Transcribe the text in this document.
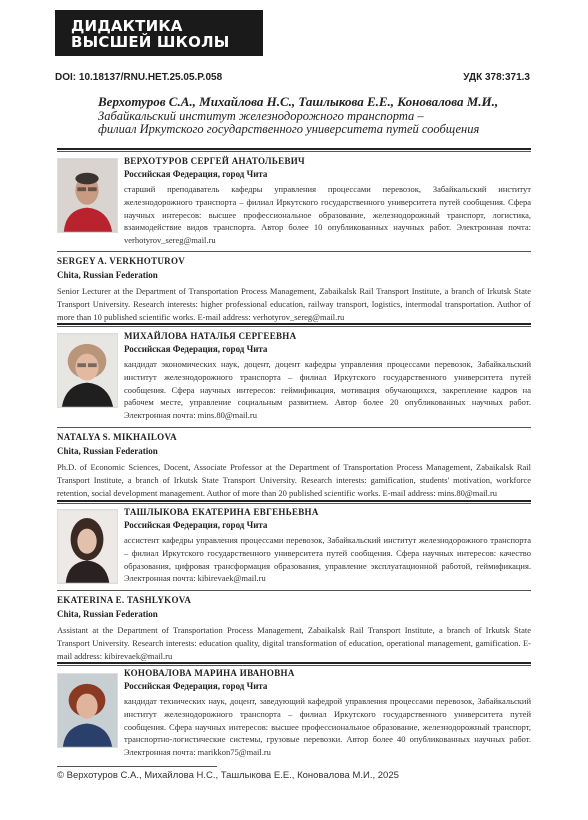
ДИДАКТИКА
ВЫСШЕЙ ШКОЛЫ
DOI: 10.18137/RNU.HET.25.05.P.058	УДК 378:371.3
Верхотуров С.А., Михайлова Н.С., Ташлыкова Е.Е., Коновалова М.И.,
Забайкальский институт железнодорожного транспорта –
филиал Иркутского государственного университета путей сообщения
ВЕРХОТУРОВ СЕРГЕЙ АНАТОЛЬЕВИЧ
Российская Федерация, город Чита
старший преподаватель кафедры управления процессами перевозок, Забайкальский институт железнодорожного транспорта – филиал Иркутского государственного университета путей сообщения. Сфера научных интересов: высшее профессиональное образование, железнодорожный транспорт, логистика, взаимодействие видов транспорта. Автор более 10 опубликованных научных работ. Электронная почта: verhotyrov_sereg@mail.ru
SERGEY A. VERKHOTUROV
Chita, Russian Federation
Senior Lecturer at the Department of Transportation Process Management, Zabaikalsk Rail Transport Institute, a branch of Irkutsk State Transport University. Research interests: higher professional education, railway transport, logistics, intermodal transportation. Author of more than 10 published scientific works. E-mail address: verhotyrov_sereg@mail.ru
МИХАЙЛОВА НАТАЛЬЯ СЕРГЕЕВНА
Российская Федерация, город Чита
кандидат экономических наук, доцент, доцент кафедры управления процессами перевозок, Забайкальский институт железнодорожного транспорта – филиал Иркутского государственного университета путей сообщения. Сфера научных интересов: геймификация, мотивация обучающихся, закрепление кадров на рабочем месте, управление социальным развитием. Автор более 20 опубликованных научных работ. Электронная почта: mins.80@mail.ru
NATALYA S. MIKHAILOVA
Chita, Russian Federation
Ph.D. of Economic Sciences, Docent, Associate Professor at the Department of Transportation Process Management, Zabaikalsk Rail Transport Institute, a branch of Irkutsk State Transport University. Research interests: gamification, students' motivation, workforce retention, social development management. Author of more than 20 published scientific works. E-mail address: mins.80@mail.ru
ТАШЛЫКОВА ЕКАТЕРИНА ЕВГЕНЬЕВНА
Российская Федерация, город Чита
ассистент кафедры управления процессами перевозок, Забайкальский институт железнодорожного транспорта – филиал Иркутского государственного университета путей сообщения. Сфера научных интересов: качество образования, цифровая трансформация образования, управление эксплуатационной работой, геймификация. Электронная почта: kibirevaek@mail.ru
EKATERINA E. TASHLYKOVA
Chita, Russian Federation
Assistant at the Department of Transportation Process Management, Zabaikalsk Rail Transport Institute, a branch of Irkutsk State Transport University. Research interests: education quality, digital transformation of education, operational management, gamification. E-mail address: kibirevaek@mail.ru
КОНОВАЛОВА МАРИНА ИВАНОВНА
Российская Федерация, город Чита
кандидат технических наук, доцент, заведующий кафедрой управления процессами перевозок, Забайкальский институт железнодорожного транспорта – филиал Иркутского государственного университета путей сообщения. Сфера научных интересов: высшее профессиональное образование, железнодорожный транспорт, транспортно-логистические системы, грузовые перевозки. Автор более 40 опубликованных научных работ. Электронная почта: marikkon75@mail.ru
© Верхотуров С.А., Михайлова Н.С., Ташлыкова Е.Е., Коновалова М.И., 2025
